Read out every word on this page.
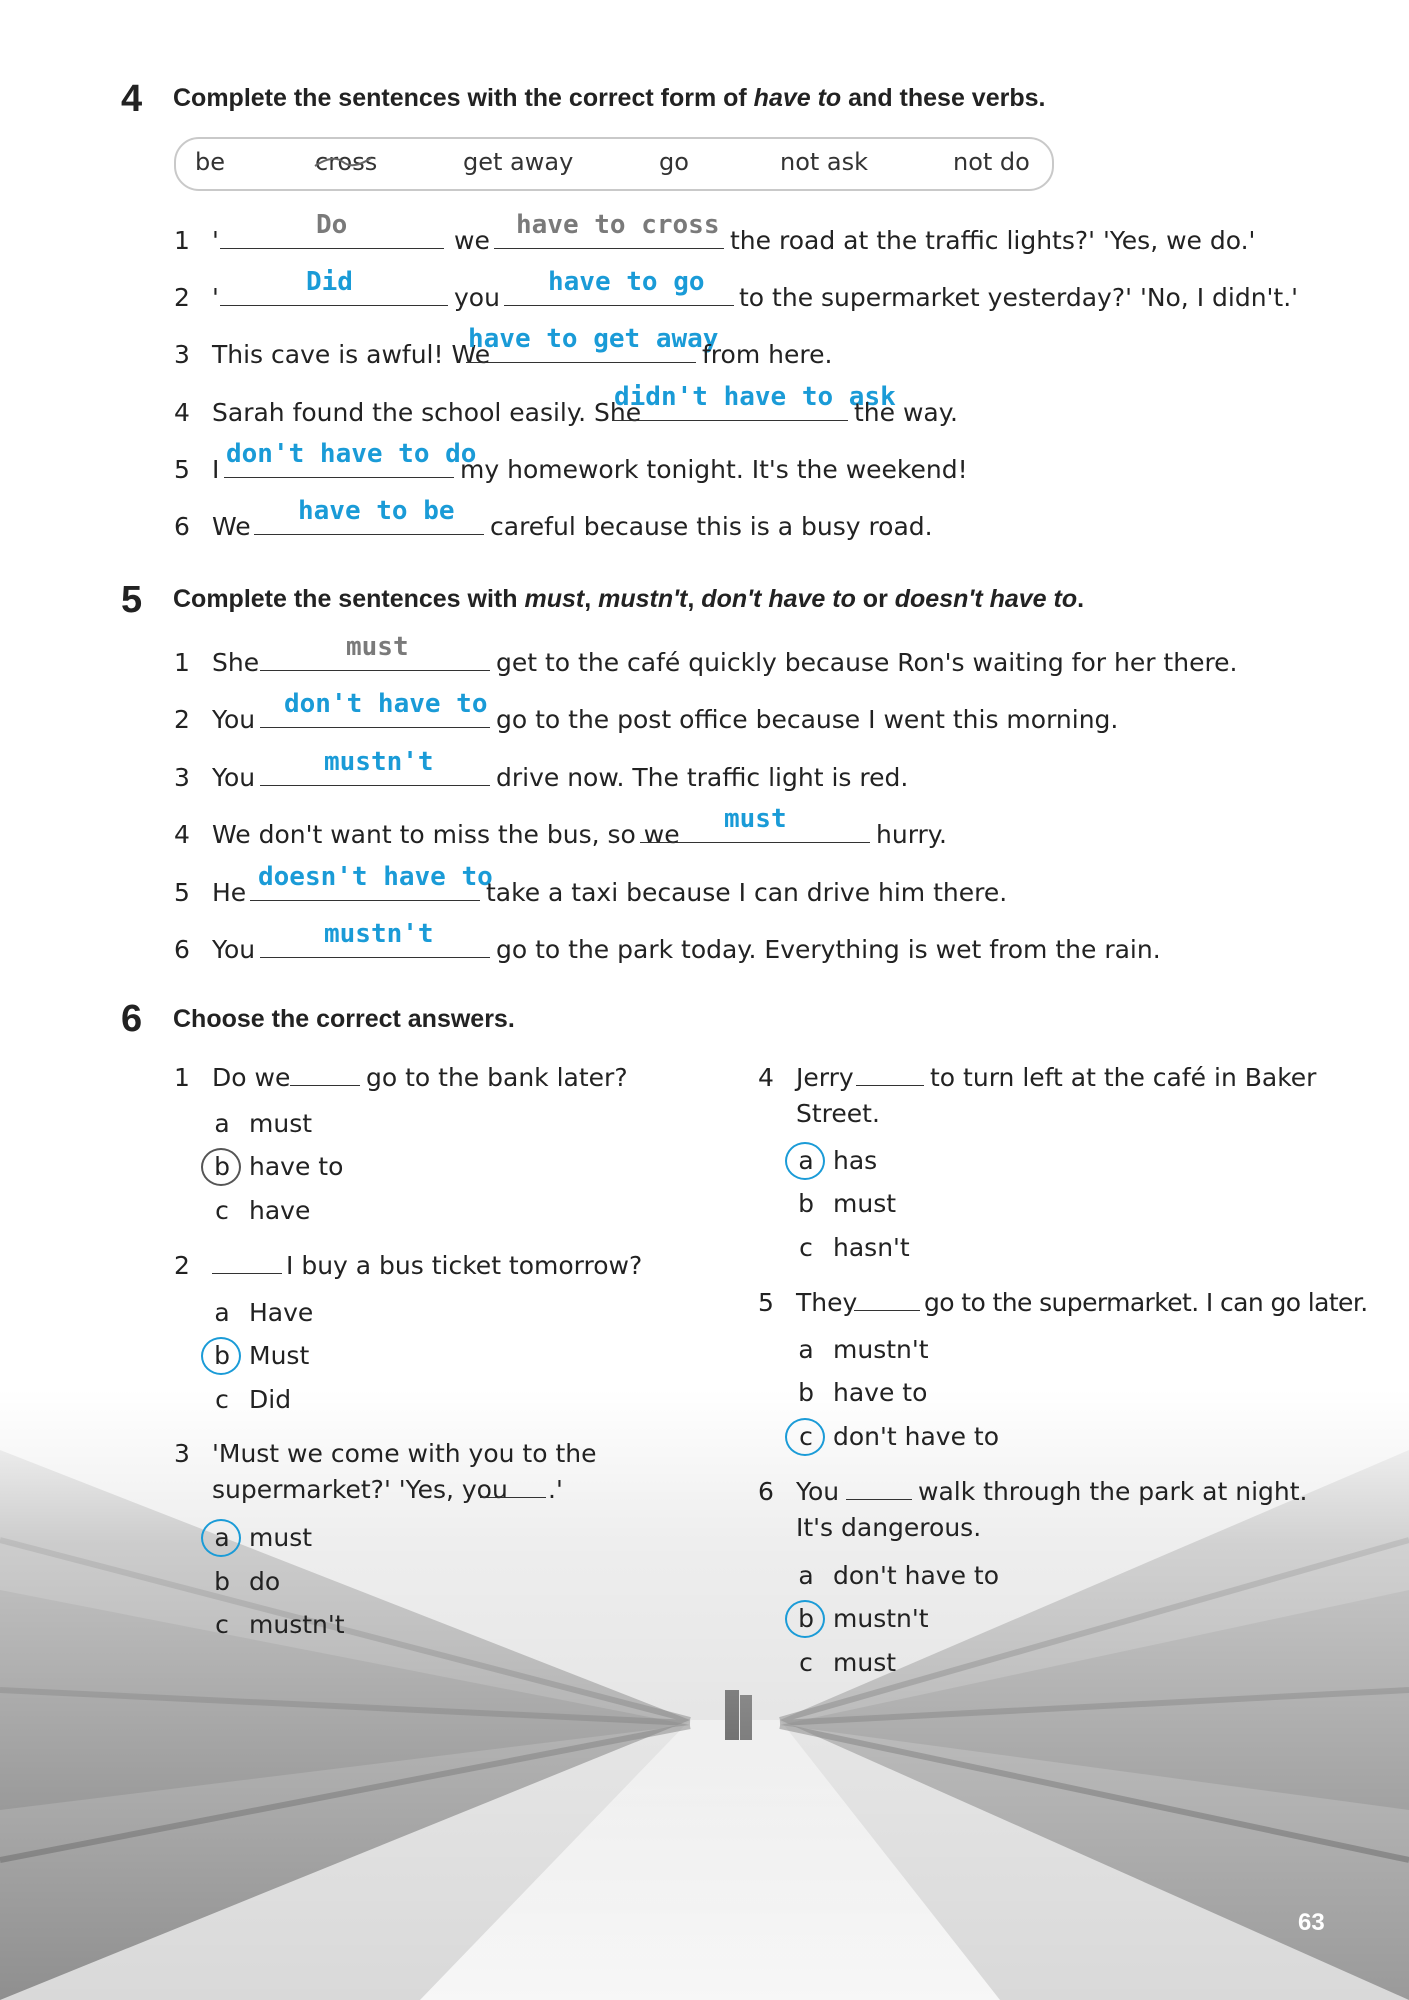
4 Complete the sentences with the correct form of have to and these verbs.
be	cross	get away	go	not ask	not do
1 '
Do
we
have to cross
the road at the traffic lights?' 'Yes, we do.'
2 '
Did
you
have to go
to the supermarket yesterday?' 'No, I didn't.'
3 This cave is awful! We
have to get away
from here.
4 Sarah found the school easily. She
didn't have to ask
the way.
5 I
don't have to do
my homework tonight. It's the weekend!
6 We
have to be
careful because this is a busy road.
5 Complete the sentences with must, mustn't, don't have to or doesn't have to.
1 She
must
get to the café quickly because Ron's waiting for her there.
2 You
don't have to
go to the post office because I went this morning.
3 You
mustn't
drive now. The traffic light is red.
4 We don't want to miss the bus, so we
must
hurry.
5 He
doesn't have to
take a taxi because I can drive him there.
6 You
mustn't
go to the park today. Everything is wet from the rain.
6 Choose the correct answers.
1 Do we	go to the bank later?
a must
b have to
c have
2	I buy a bus ticket tomorrow?
a Have
b Must
c Did
3 'Must we come with you to the
supermarket?' 'Yes, you .'
a must
b do
c mustn't
4 Jerry	to turn left at the café in Baker
Street.
a has
b must
c hasn't
5 They	go to the supermarket. I can go later.
a mustn't
b have to
c don't have to
6 You	walk through the park at night.
It's dangerous.
a don't have to
b mustn't
c must
63
